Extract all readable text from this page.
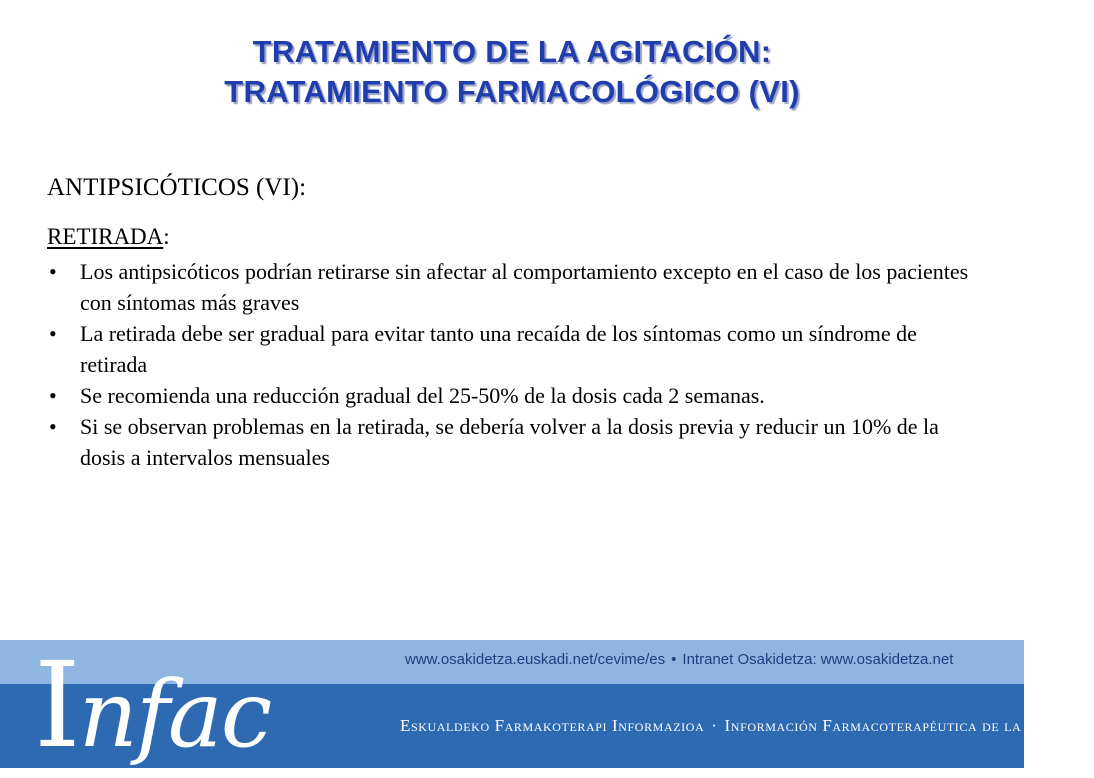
TRATAMIENTO DE LA AGITACIÓN:
TRATAMIENTO FARMACOLÓGICO (VI)
ANTIPSICÓTICOS (VI):
RETIRADA:
• Los antipsicóticos podrían retirarse sin afectar al comportamiento excepto en el caso de los pacientes con síntomas más graves
• La retirada debe ser gradual para evitar tanto una recaída de los síntomas como un síndrome de retirada
• Se recomienda una reducción gradual del 25-50% de la dosis cada 2 semanas.
• Si se observan problemas en la retirada, se debería volver a la dosis previa y reducir un 10% de la dosis a intervalos mensuales
Infac
www.osakidetza.euskadi.net/cevime/es • Intranet Osakidetza: www.osakidetza.net
Eskualdeko Farmakoterapi Informazioa · Información Farmacoterapéutica de la Comarca
